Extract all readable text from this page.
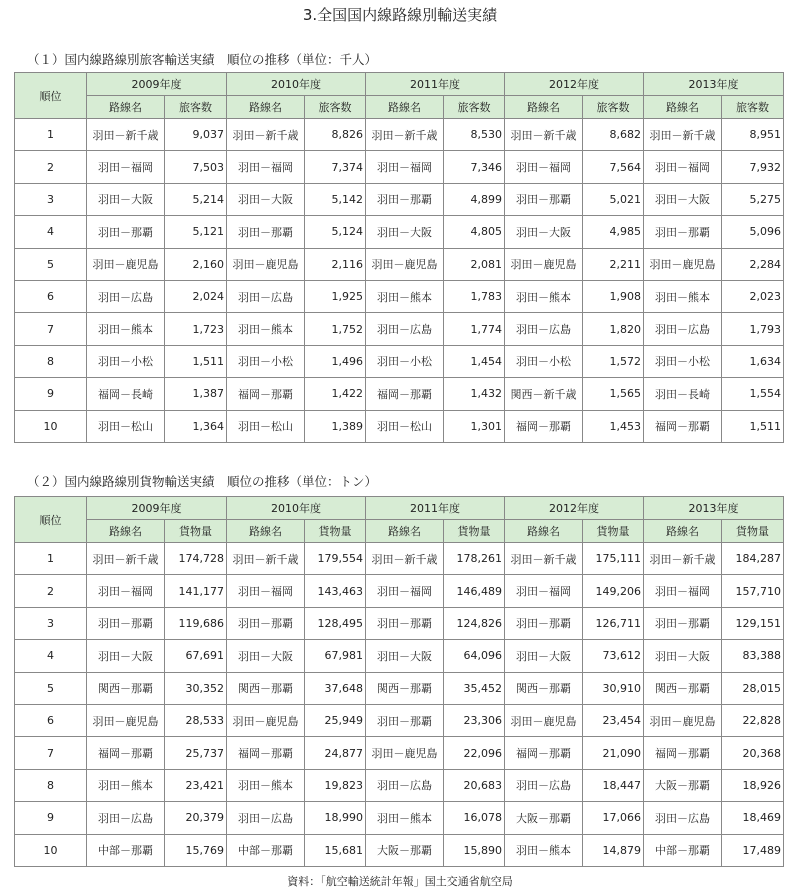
3.全国国内線路線別輸送実績
（１）国内線路線別旅客輸送実績　順位の推移（単位：千人）
順位	2009年度		2010年度		2011年度		2012年度		2013年度	
	路線名	旅客数	路線名	旅客数	路線名	旅客数	路線名	旅客数	路線名	旅客数
1	羽田－新千歳	9,037	羽田－新千歳	8,826	羽田－新千歳	8,530	羽田－新千歳	8,682	羽田－新千歳	8,951
2	羽田－福岡	7,503	羽田－福岡	7,374	羽田－福岡	7,346	羽田－福岡	7,564	羽田－福岡	7,932
3	羽田－大阪	5,214	羽田－大阪	5,142	羽田－那覇	4,899	羽田－那覇	5,021	羽田－大阪	5,275
4	羽田－那覇	5,121	羽田－那覇	5,124	羽田－大阪	4,805	羽田－大阪	4,985	羽田－那覇	5,096
5	羽田－鹿児島	2,160	羽田－鹿児島	2,116	羽田－鹿児島	2,081	羽田－鹿児島	2,211	羽田－鹿児島	2,284
6	羽田－広島	2,024	羽田－広島	1,925	羽田－熊本	1,783	羽田－熊本	1,908	羽田－熊本	2,023
7	羽田－熊本	1,723	羽田－熊本	1,752	羽田－広島	1,774	羽田－広島	1,820	羽田－広島	1,793
8	羽田－小松	1,511	羽田－小松	1,496	羽田－小松	1,454	羽田－小松	1,572	羽田－小松	1,634
9	福岡－長崎	1,387	福岡－那覇	1,422	福岡－那覇	1,432	関西－新千歳	1,565	羽田－長崎	1,554
10	羽田－松山	1,364	羽田－松山	1,389	羽田－松山	1,301	福岡－那覇	1,453	福岡－那覇	1,511
（２）国内線路線別貨物輸送実績　順位の推移（単位：トン）
順位	2009年度		2010年度		2011年度		2012年度		2013年度	
	路線名	貨物量	路線名	貨物量	路線名	貨物量	路線名	貨物量	路線名	貨物量
1	羽田－新千歳	174,728	羽田－新千歳	179,554	羽田－新千歳	178,261	羽田－新千歳	175,111	羽田－新千歳	184,287
2	羽田－福岡	141,177	羽田－福岡	143,463	羽田－福岡	146,489	羽田－福岡	149,206	羽田－福岡	157,710
3	羽田－那覇	119,686	羽田－那覇	128,495	羽田－那覇	124,826	羽田－那覇	126,711	羽田－那覇	129,151
4	羽田－大阪	67,691	羽田－大阪	67,981	羽田－大阪	64,096	羽田－大阪	73,612	羽田－大阪	83,388
5	関西－那覇	30,352	関西－那覇	37,648	関西－那覇	35,452	関西－那覇	30,910	関西－那覇	28,015
6	羽田－鹿児島	28,533	羽田－鹿児島	25,949	羽田－那覇	23,306	羽田－鹿児島	23,454	羽田－鹿児島	22,828
7	福岡－那覇	25,737	福岡－那覇	24,877	羽田－鹿児島	22,096	福岡－那覇	21,090	福岡－那覇	20,368
8	羽田－熊本	23,421	羽田－熊本	19,823	羽田－広島	20,683	羽田－広島	18,447	大阪－那覇	18,926
9	羽田－広島	20,379	羽田－広島	18,990	羽田－熊本	16,078	大阪－那覇	17,066	羽田－広島	18,469
10	中部－那覇	15,769	中部－那覇	15,681	大阪－那覇	15,890	羽田－熊本	14,879	中部－那覇	17,489
資料：「航空輸送統計年報」国土交通省航空局
